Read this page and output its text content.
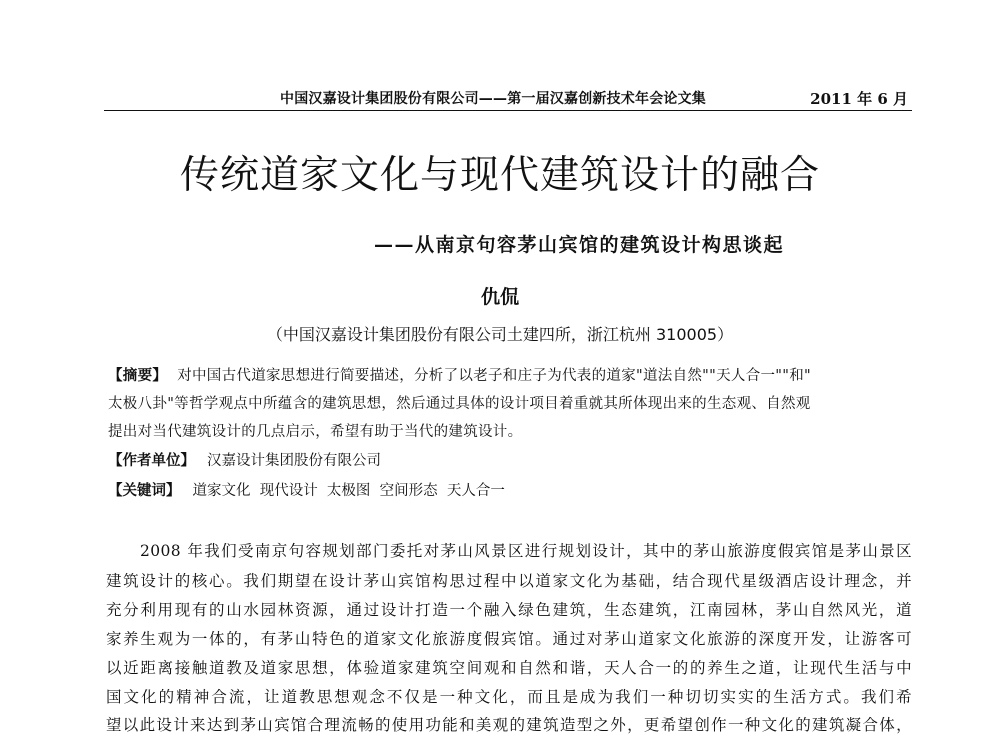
中国汉嘉设计集团股份有限公司——第一届汉嘉创新技术年会论文集	2011 年 6 月
传统道家文化与现代建筑设计的融合
——从南京句容茅山宾馆的建筑设计构思谈起
仇侃
（中国汉嘉设计集团股份有限公司土建四所，浙江杭州 310005）
【摘要】 对中国古代道家思想进行简要描述，分析了以老子和庄子为代表的道家"道法自然""天人合一""和"
太极八卦"等哲学观点中所蕴含的建筑思想，然后通过具体的设计项目着重就其所体现出来的生态观、自然观
提出对当代建筑设计的几点启示，希望有助于当代的建筑设计。
【作者单位】 汉嘉设计集团股份有限公司
【关键词】 道家文化  现代设计  太极图  空间形态  天人合一
2008 年我们受南京句容规划部门委托对茅山风景区进行规划设计，其中的茅山旅游度假宾馆是茅山景区
建筑设计的核心。我们期望在设计茅山宾馆构思过程中以道家文化为基础，结合现代星级酒店设计理念，并
充分利用现有的山水园林资源，通过设计打造一个融入绿色建筑，生态建筑，江南园林，茅山自然风光，道
家养生观为一体的，有茅山特色的道家文化旅游度假宾馆。通过对茅山道家文化旅游的深度开发，让游客可
以近距离接触道教及道家思想，体验道家建筑空间观和自然和谐，天人合一的的养生之道，让现代生活与中
国文化的精神合流，让道教思想观念不仅是一种文化，而且是成为我们一种切切实实的生活方式。我们希
望以此设计来达到茅山宾馆合理流畅的使用功能和美观的建筑造型之外，更希望创作一种文化的建筑凝合体，
